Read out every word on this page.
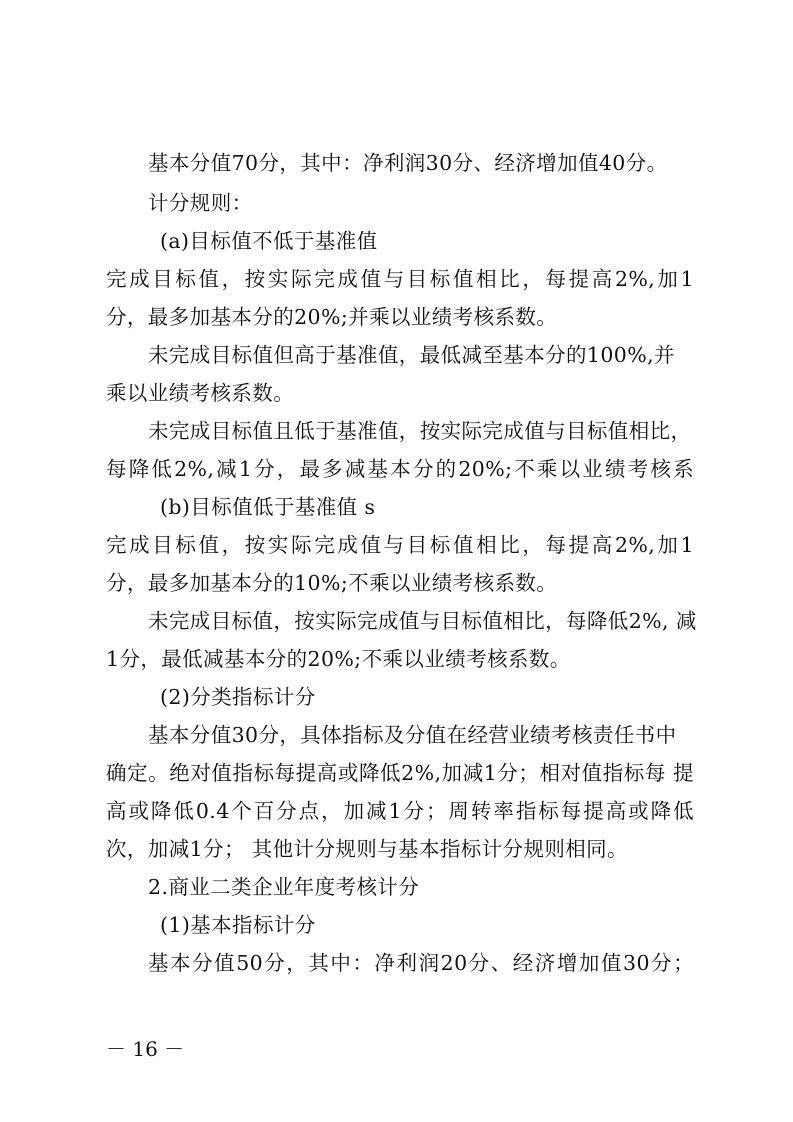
基本分值70分，其中：净利润30分、经济增加值40分。

计分规则：

(a)目标值不低于基准值

完成目标值，按实际完成值与目标值相比，每提高2%,加1

分，最多加基本分的20%;并乘以业绩考核系数。

未完成目标值但高于基准值，最低减至基本分的100%,并

乘以业绩考核系数。

未完成目标值且低于基准值，按实际完成值与目标值相比，

每降低2%,减1分，最多减基本分的20%;不乘以业绩考核系

(b)目标值低于基准值 s

完成目标值，按实际完成值与目标值相比，每提高2%,加1

分，最多加基本分的10%;不乘以业绩考核系数。

未完成目标值，按实际完成值与目标值相比，每降低2%, 减

1分，最低减基本分的20%;不乘以业绩考核系数。

(2)分类指标计分

基本分值30分，具体指标及分值在经营业绩考核责任书中

确定。绝对值指标每提高或降低2%,加减1分；相对值指标每 提

高或降低0.4个百分点，加减1分；周转率指标每提高或降低

次，加减1分； 其他计分规则与基本指标计分规则相同。

2.商业二类企业年度考核计分

(1)基本指标计分

基本分值50分，其中：净利润20分、经济增加值30分；

－ 16 －
